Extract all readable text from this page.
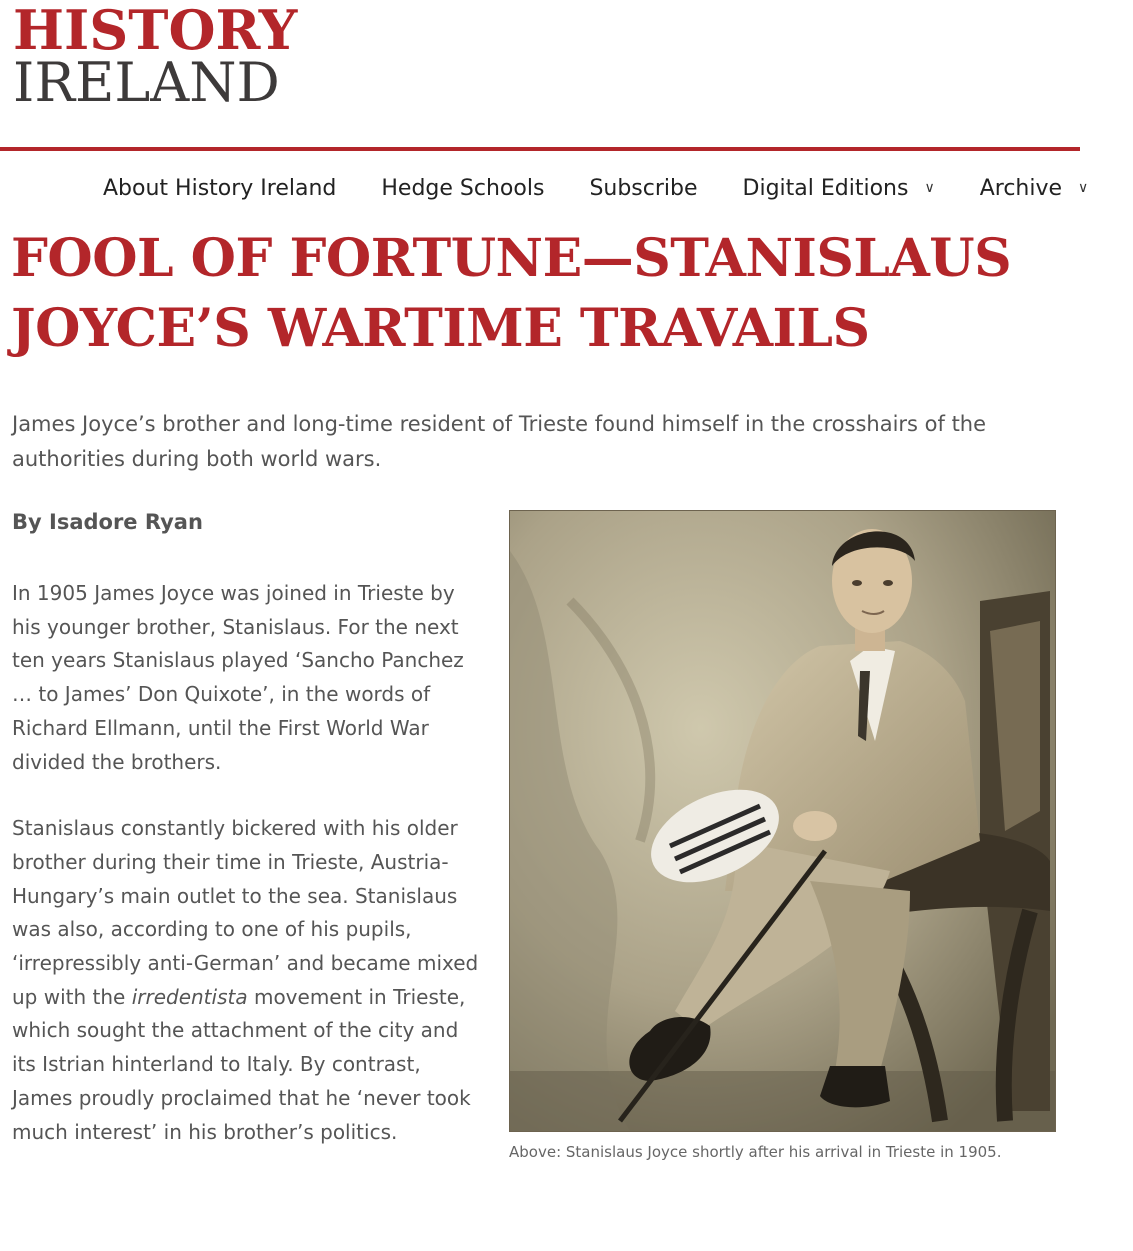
HISTORY
IRELAND
About History Ireland Hedge Schools Subscribe Digital Editions ∨ Archive ∨
FOOL OF FORTUNE—STANISLAUS
JOYCE’S WARTIME TRAVAILS

James Joyce’s brother and long-time resident of Trieste found himself in the crosshairs of the authorities during both world wars.

By Isadore Ryan

In 1905 James Joyce was joined in Trieste by his younger brother, Stanislaus. For the next ten years Stanislaus played ‘Sancho Panchez … to James’ Don Quixote’, in the words of Richard Ellmann, until the First World War divided the brothers.

Stanislaus constantly bickered with his older brother during their time in Trieste, Austria-Hungary’s main outlet to the sea. Stanislaus was also, according to one of his pupils, ‘irrepressibly anti-German’ and became mixed up with the irredentista movement in Trieste, which sought the attachment of the city and its Istrian hinterland to Italy. By contrast, James proudly proclaimed that he ‘never took much interest’ in his brother’s politics.

Above: Stanislaus Joyce shortly after his arrival in Trieste in 1905.
